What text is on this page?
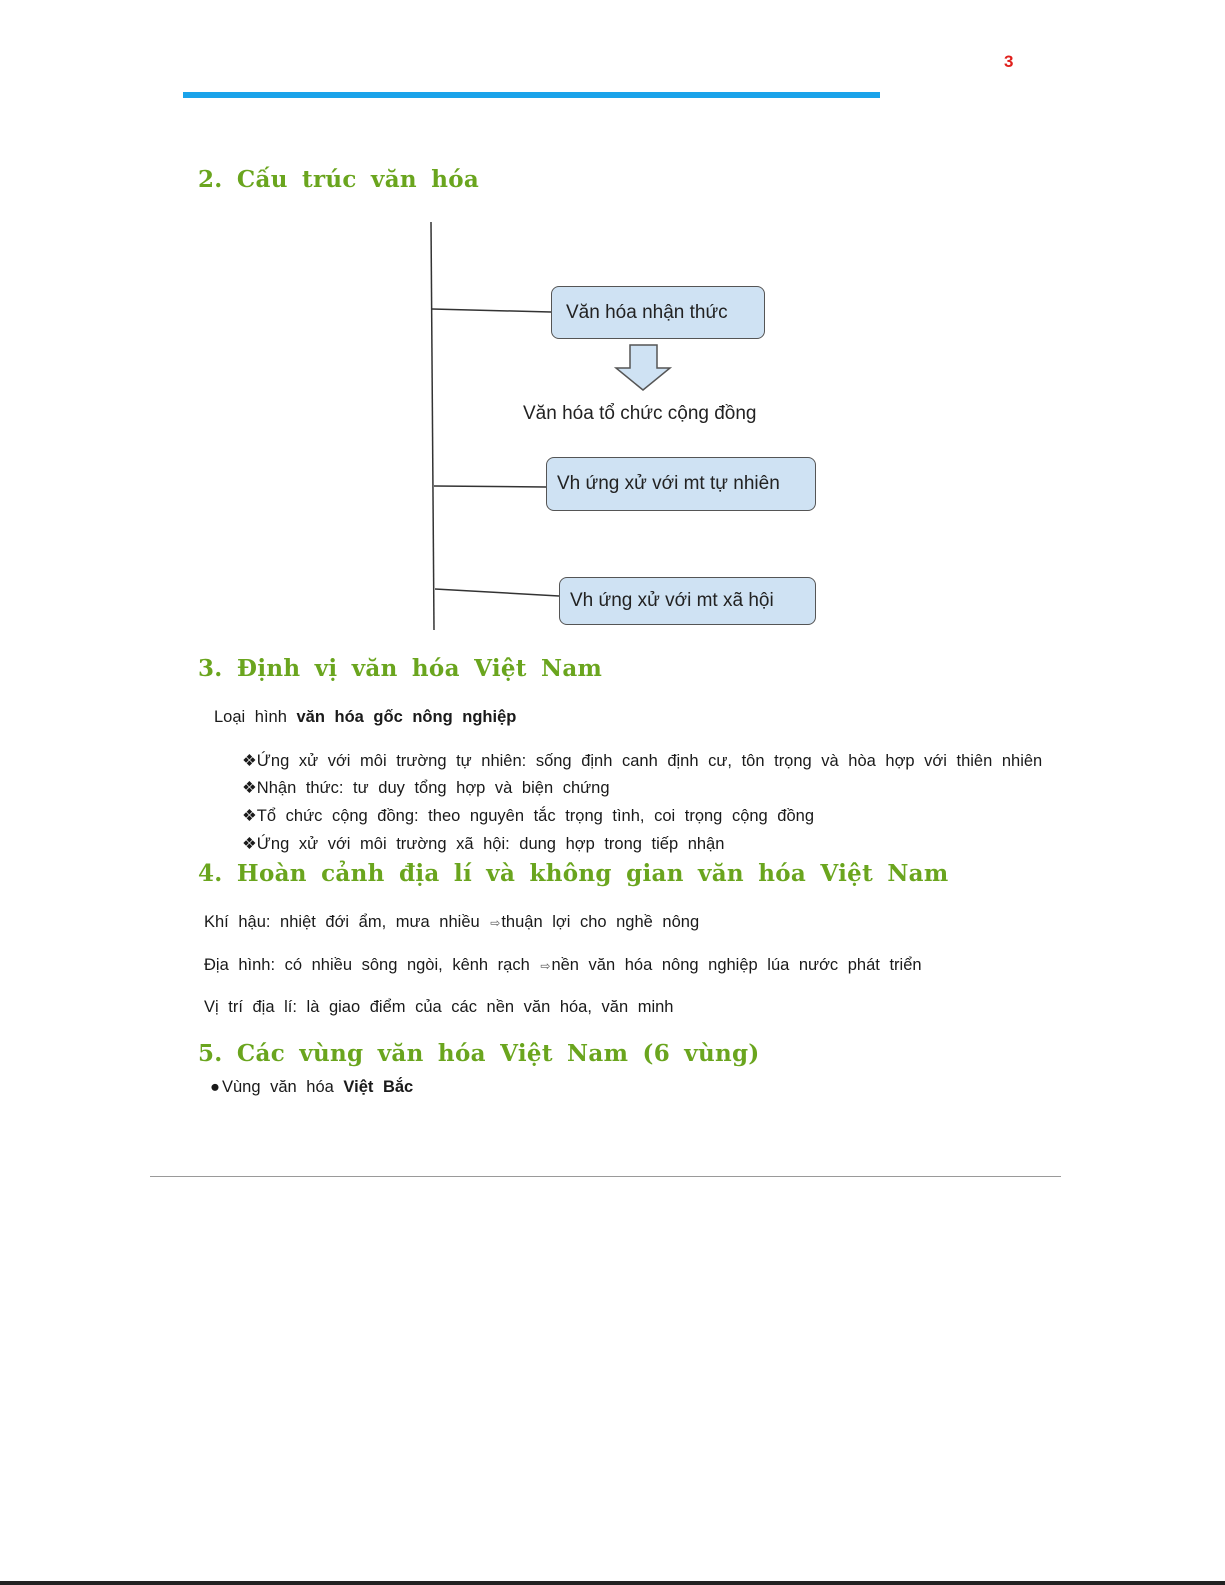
3
2. Cấu trúc văn hóa
Văn hóa nhận thức
Văn hóa tổ chức cộng đồng
Vh ứng xử với mt tự nhiên
Vh ứng xử với mt xã hội
3. Định vị văn hóa Việt Nam
Loại hình văn hóa gốc nông nghiệp
❖Ứng xử với môi trường tự nhiên: sống định canh định cư, tôn trọng và hòa hợp với thiên nhiên
❖Nhận thức: tư duy tổng hợp và biện chứng
❖Tổ chức cộng đồng: theo nguyên tắc trọng tình, coi trọng cộng đồng
❖Ứng xử với môi trường xã hội: dung hợp trong tiếp nhận
4. Hoàn cảnh địa lí và không gian văn hóa Việt Nam
Khí hậu: nhiệt đới ẩm, mưa nhiều ⇨thuận lợi cho nghề nông
Địa hình: có nhiều sông ngòi, kênh rạch ⇨nền văn hóa nông nghiệp lúa nước phát triển
Vị trí địa lí: là giao điểm của các nền văn hóa, văn minh
5. Các vùng văn hóa Việt Nam (6 vùng)
● Vùng văn hóa Việt Bắc
